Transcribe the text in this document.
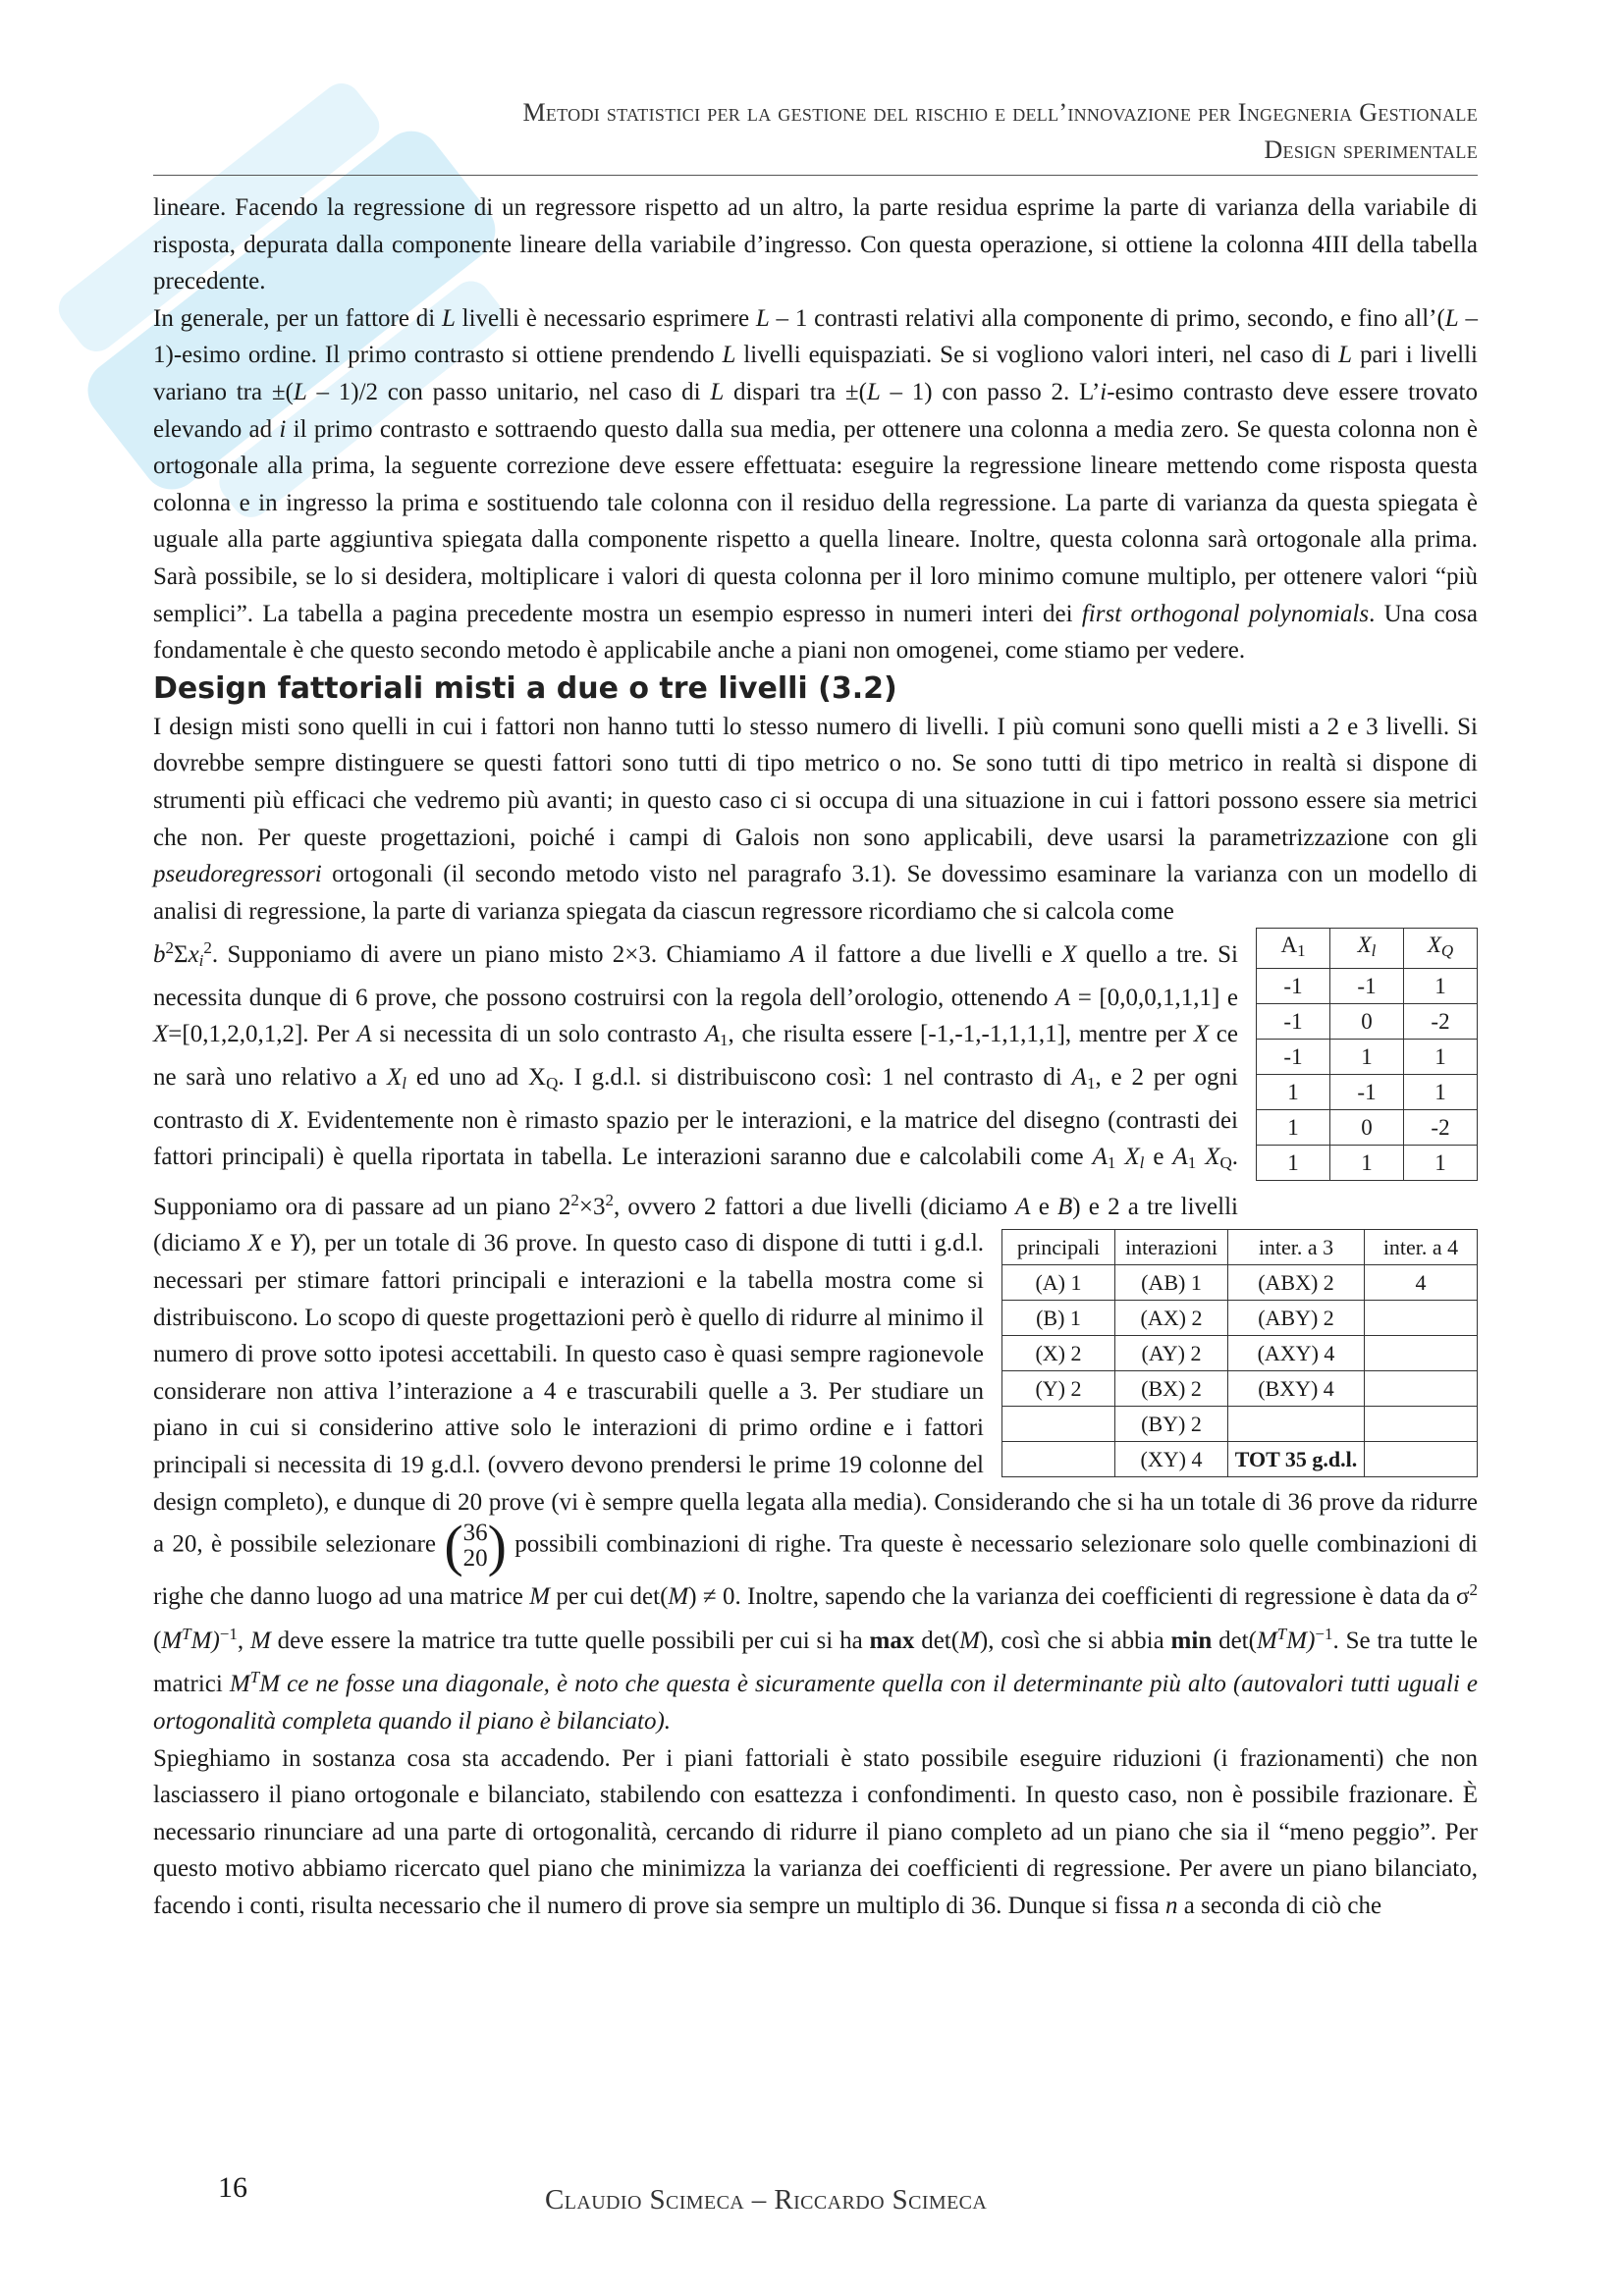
Metodi statistici per la gestione del rischio e dell’innovazione per Ingegneria Gestionale
Design sperimentale

lineare. Facendo la regressione di un regressore rispetto ad un altro, la parte residua esprime la parte di varianza della variabile di risposta, depurata dalla componente lineare della variabile d’ingresso. Con questa operazione, si ottiene la colonna 4III della tabella precedente.

In generale, per un fattore di L livelli è necessario esprimere L – 1 contrasti relativi alla componente di primo, secondo, e fino all’(L – 1)-esimo ordine. Il primo contrasto si ottiene prendendo L livelli equispaziati. Se si vogliono valori interi, nel caso di L pari i livelli variano tra ±(L – 1)/2 con passo unitario, nel caso di L dispari tra ±(L – 1) con passo 2. L’i-esimo contrasto deve essere trovato elevando ad i il primo contrasto e sottraendo questo dalla sua media, per ottenere una colonna a media zero. Se questa colonna non è ortogonale alla prima, la seguente correzione deve essere effettuata: eseguire la regressione lineare mettendo come risposta questa colonna e in ingresso la prima e sostituendo tale colonna con il residuo della regressione. La parte di varianza da questa spiegata è uguale alla parte aggiuntiva spiegata dalla componente rispetto a quella lineare. Inoltre, questa colonna sarà ortogonale alla prima. Sarà possibile, se lo si desidera, moltiplicare i valori di questa colonna per il loro minimo comune multiplo, per ottenere valori “più semplici”. La tabella a pagina precedente mostra un esempio espresso in numeri interi dei first orthogonal polynomials. Una cosa fondamentale è che questo secondo metodo è applicabile anche a piani non omogenei, come stiamo per vedere.

Design fattoriali misti a due o tre livelli (3.2)

I design misti sono quelli in cui i fattori non hanno tutti lo stesso numero di livelli. I più comuni sono quelli misti a 2 e 3 livelli. Si dovrebbe sempre distinguere se questi fattori sono tutti di tipo metrico o no. Se sono tutti di tipo metrico in realtà si dispone di strumenti più efficaci che vedremo più avanti; in questo caso ci si occupa di una situazione in cui i fattori possono essere sia metrici che non. Per queste progettazioni, poiché i campi di Galois non sono applicabili, deve usarsi la parametrizzazione con gli pseudoregressori ortogonali (il secondo metodo visto nel paragrafo 3.1). Se dovessimo esaminare la varianza con un modello di analisi di regressione, la parte di varianza spiegata da ciascun regressore ricordiamo che si calcola come

$A_1$	$X_l$	$X_Q$
-1	-1	1
-1	0	-2
-1	1	1
1	-1	1
1	0	-2
1	1	1
$b^2\Sigma x_i^2$. Supponiamo di avere un piano misto 2×3. Chiamiamo A il fattore a due livelli e X quello a tre. Si necessita dunque di 6 prove, che possono costruirsi con la regola dell’orologio, ottenendo A = [0,0,0,1,1,1] e X=[0,1,2,0,1,2]. Per A si necessita di un solo contrasto $A_1$, che risulta essere [-1,-1,-1,1,1,1], mentre per X ce ne sarà uno relativo a $X_l$ ed uno ad $X_Q$. I g.d.l. si distribuiscono così: 1 nel contrasto di $A_1$, e 2 per ogni contrasto di X. Evidentemente non è rimasto spazio per le interazioni, e la matrice del disegno (contrasti dei fattori principali) è quella riportata in tabella. Le interazioni saranno due e calcolabili come $A_1$ $X_l$ e $A_1$ $X_Q$. Supponiamo ora di passare ad un piano $2^2\times 3^2$, ovvero 2 fattori a due livelli (diciamo A e B) e 2 a tre livelli (diciamo X e Y	principali	interazioni	inter. a 3	inter. a 4
(A) 1	(AB) 1	(ABX) 2	4
(B) 1	(AX) 2	(ABY) 2	
(X) 2	(AY) 2	(AXY) 4	
(Y) 2	(BX) 2	(BXY) 4	
	(BY) 2		
	(XY) 4	TOT 35 g.d.l.	
), per un totale di 36 prove. In questo caso di dispone di tutti i g.d.l. necessari per stimare fattori principali e interazioni e la tabella mostra come si distribuiscono. Lo scopo di queste progettazioni però è quello di ridurre al minimo il numero di prove sotto ipotesi accettabili. In questo caso è quasi sempre ragionevole considerare non attiva l’interazione a 4 e trascurabili quelle a 3. Per studiare un piano in cui si considerino attive solo le interazioni di primo ordine e i fattori principali si necessita di 19 g.d.l. (ovvero devono prendersi le prime 19 colonne del design completo), e dunque di 20 prove (vi è sempre quella legata alla media). Considerando che si ha un totale di 36 prove da ridurre a 20, è possibile selezionare (36
20) possibili combinazioni di righe. Tra queste è necessario selezionare solo quelle combinazioni di righe che danno luogo ad una matrice M per cui det(M) ≠ 0. Inoltre, sapendo che la varianza dei coefficienti di regressione è data da $\sigma^2$ $(M^TM)^{-1}$, M deve essere la matrice tra tutte quelle possibili per cui si ha max det(M), così che si abbia $\min \det(M^TM)^{-1}$. Se tra tutte le matrici $M^TM$ ce ne fosse una diagonale, è noto che questa è sicuramente quella con il determinante più alto (autovalori tutti uguali e ortogonalità completa quando il piano è bilanciato).

Spieghiamo in sostanza cosa sta accadendo. Per i piani fattoriali è stato possibile eseguire riduzioni (i frazionamenti) che non lasciassero il piano ortogonale e bilanciato, stabilendo con esattezza i confondimenti. In questo caso, non è possibile frazionare. È necessario rinunciare ad una parte di ortogonalità, cercando di ridurre il piano completo ad un piano che sia il “meno peggio”. Per questo motivo abbiamo ricercato quel piano che minimizza la varianza dei coefficienti di regressione. Per avere un piano bilanciato, facendo i conti, risulta necessario che il numero di prove sia sempre un multiplo di 36. Dunque si fissa n a seconda di ciò che

16	Claudio Scimeca – Riccardo Scimeca
